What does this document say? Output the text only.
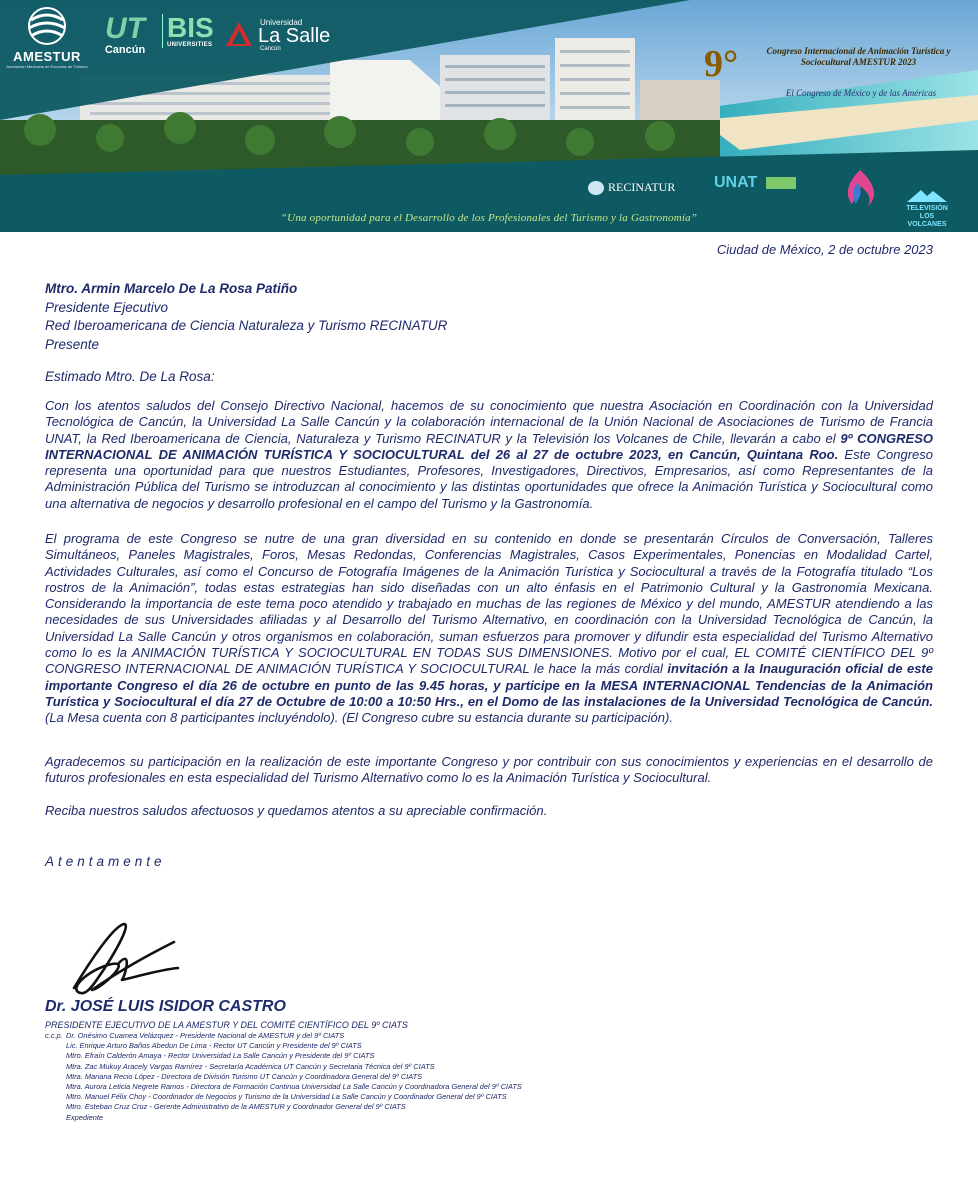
AMESTUR
Asociación Mexicana de Escuelas de Turismo
UT
Cancún
BIS
UNIVERSITIES
Universidad
La Salle
Cancún	9°	Congreso Internacional de Animación Turística y Sociocultural AMESTUR 2023
El Congreso de México y de las Américas
RECINATUR UNAT
TELEVISIÓN LOS VOLCANES
“Una oportunidad para el Desarrollo de los Profesionales del Turismo y la Gastronomía”
Ciudad de México, 2 de octubre 2023
Mtro. Armin Marcelo De La Rosa Patiño
Presidente Ejecutivo
Red Iberoamericana de Ciencia Naturaleza y Turismo RECINATUR
Presente
Estimado Mtro. De La Rosa:

Con los atentos saludos del Consejo Directivo Nacional, hacemos de su conocimiento que nuestra Asociación en Coordinación con la Universidad Tecnológica de Cancún, la Universidad La Salle Cancún y la colaboración internacional de la Unión Nacional de Asociaciones de Turismo de Francia UNAT, la Red Iberoamericana de Ciencia, Naturaleza y Turismo RECINATUR y la Televisión los Volcanes de Chile, llevarán a cabo el 9º CONGRESO INTERNACIONAL DE ANIMACIÓN TURÍSTICA Y SOCIOCULTURAL del 26 al 27 de octubre 2023, en Cancún, Quintana Roo. Este Congreso representa una oportunidad para que nuestros Estudiantes, Profesores, Investigadores, Directivos, Empresarios, así como Representantes de la Administración Pública del Turismo se introduzcan al conocimiento y las distintas oportunidades que ofrece la Animación Turística y Sociocultural como una alternativa de negocios y desarrollo profesional en el campo del Turismo y la Gastronomía.

El programa de este Congreso se nutre de una gran diversidad en su contenido en donde se presentarán Círculos de Conversación, Talleres Simultáneos, Paneles Magistrales, Foros, Mesas Redondas, Conferencias Magistrales, Casos Experimentales, Ponencias en Modalidad Cartel, Actividades Culturales, así como el Concurso de Fotografía Imágenes de la Animación Turística y Sociocultural a través de la Fotografía titulado “Los rostros de la Animación”, todas estas estrategias han sido diseñadas con un alto énfasis en el Patrimonio Cultural y la Gastronomía Mexicana. Considerando la importancia de este tema poco atendido y trabajado en muchas de las regiones de México y del mundo, AMESTUR atendiendo a las necesidades de sus Universidades afiliadas y al Desarrollo del Turismo Alternativo, en coordinación con la Universidad Tecnológica de Cancún, la Universidad La Salle Cancún y otros organismos en colaboración, suman esfuerzos para promover y difundir esta especialidad del Turismo Alternativo como lo es la ANIMACIÓN TURÍSTICA Y SOCIOCULTURAL EN TODAS SUS DIMENSIONES. Motivo por el cual, EL COMITÉ CIENTÍFICO DEL 9º CONGRESO INTERNACIONAL DE ANIMACIÓN TURÍSTICA Y SOCIOCULTURAL le hace la más cordial invitación a la Inauguración oficial de este importante Congreso el día 26 de octubre en punto de las 9.45 horas, y participe en la MESA INTERNACIONAL Tendencias de la Animación Turística y Sociocultural el día 27 de Octubre de 10:00 a 10:50 Hrs., en el Domo de las instalaciones de la Universidad Tecnológica de Cancún. (La Mesa cuenta con 8 participantes incluyéndolo). (El Congreso cubre su estancia durante su participación).

Agradecemos su participación en la realización de este importante Congreso y por contribuir con sus conocimientos y experiencias en el desarrollo de futuros profesionales en esta especialidad del Turismo Alternativo como lo es la Animación Turística y Sociocultural.

Reciba nuestros saludos afectuosos y quedamos atentos a su apreciable confirmación.

Atentamente
Dr. JOSÉ LUIS ISIDOR CASTRO
PRESIDENTE EJECUTIVO DE LA AMESTUR Y DEL COMITÉ CIENTÍFICO DEL 9º CIATS
c.c.p. Dr. Onésimo Cuamea Velázquez - Presidente Nacional de AMESTUR y del 9º CIATS
Lic. Enrique Arturo Baños Abedun De Lima - Rector UT Cancún y Presidente del 9º CIATS
Mtro. Efraín Calderón Amaya - Rector Universidad La Salle Cancún y Presidente del 9º CIATS
Mtra. Zac Mukuy Aracely Vargas Ramírez - Secretaría Académica UT Cancún y Secretaria Técnica del 9º CIATS
Mtra. Mariana Recio López - Directora de División Turismo UT Cancún y Coordinadora General del 9º CIATS
Mtra. Aurora Leticia Negrete Ramos - Directora de Formación Continua Universidad La Salle Cancún y Coordinadora General del 9º CIATS
Mtro. Manuel Félix Choy - Coordinador de Negocios y Turismo de la Universidad La Salle Cancún y Coordinador General del 9º CIATS
Mtro. Esteban Cruz Cruz - Gerente Administrativo de la AMESTUR y Coordinador General del 9º CIATS
Expediente
